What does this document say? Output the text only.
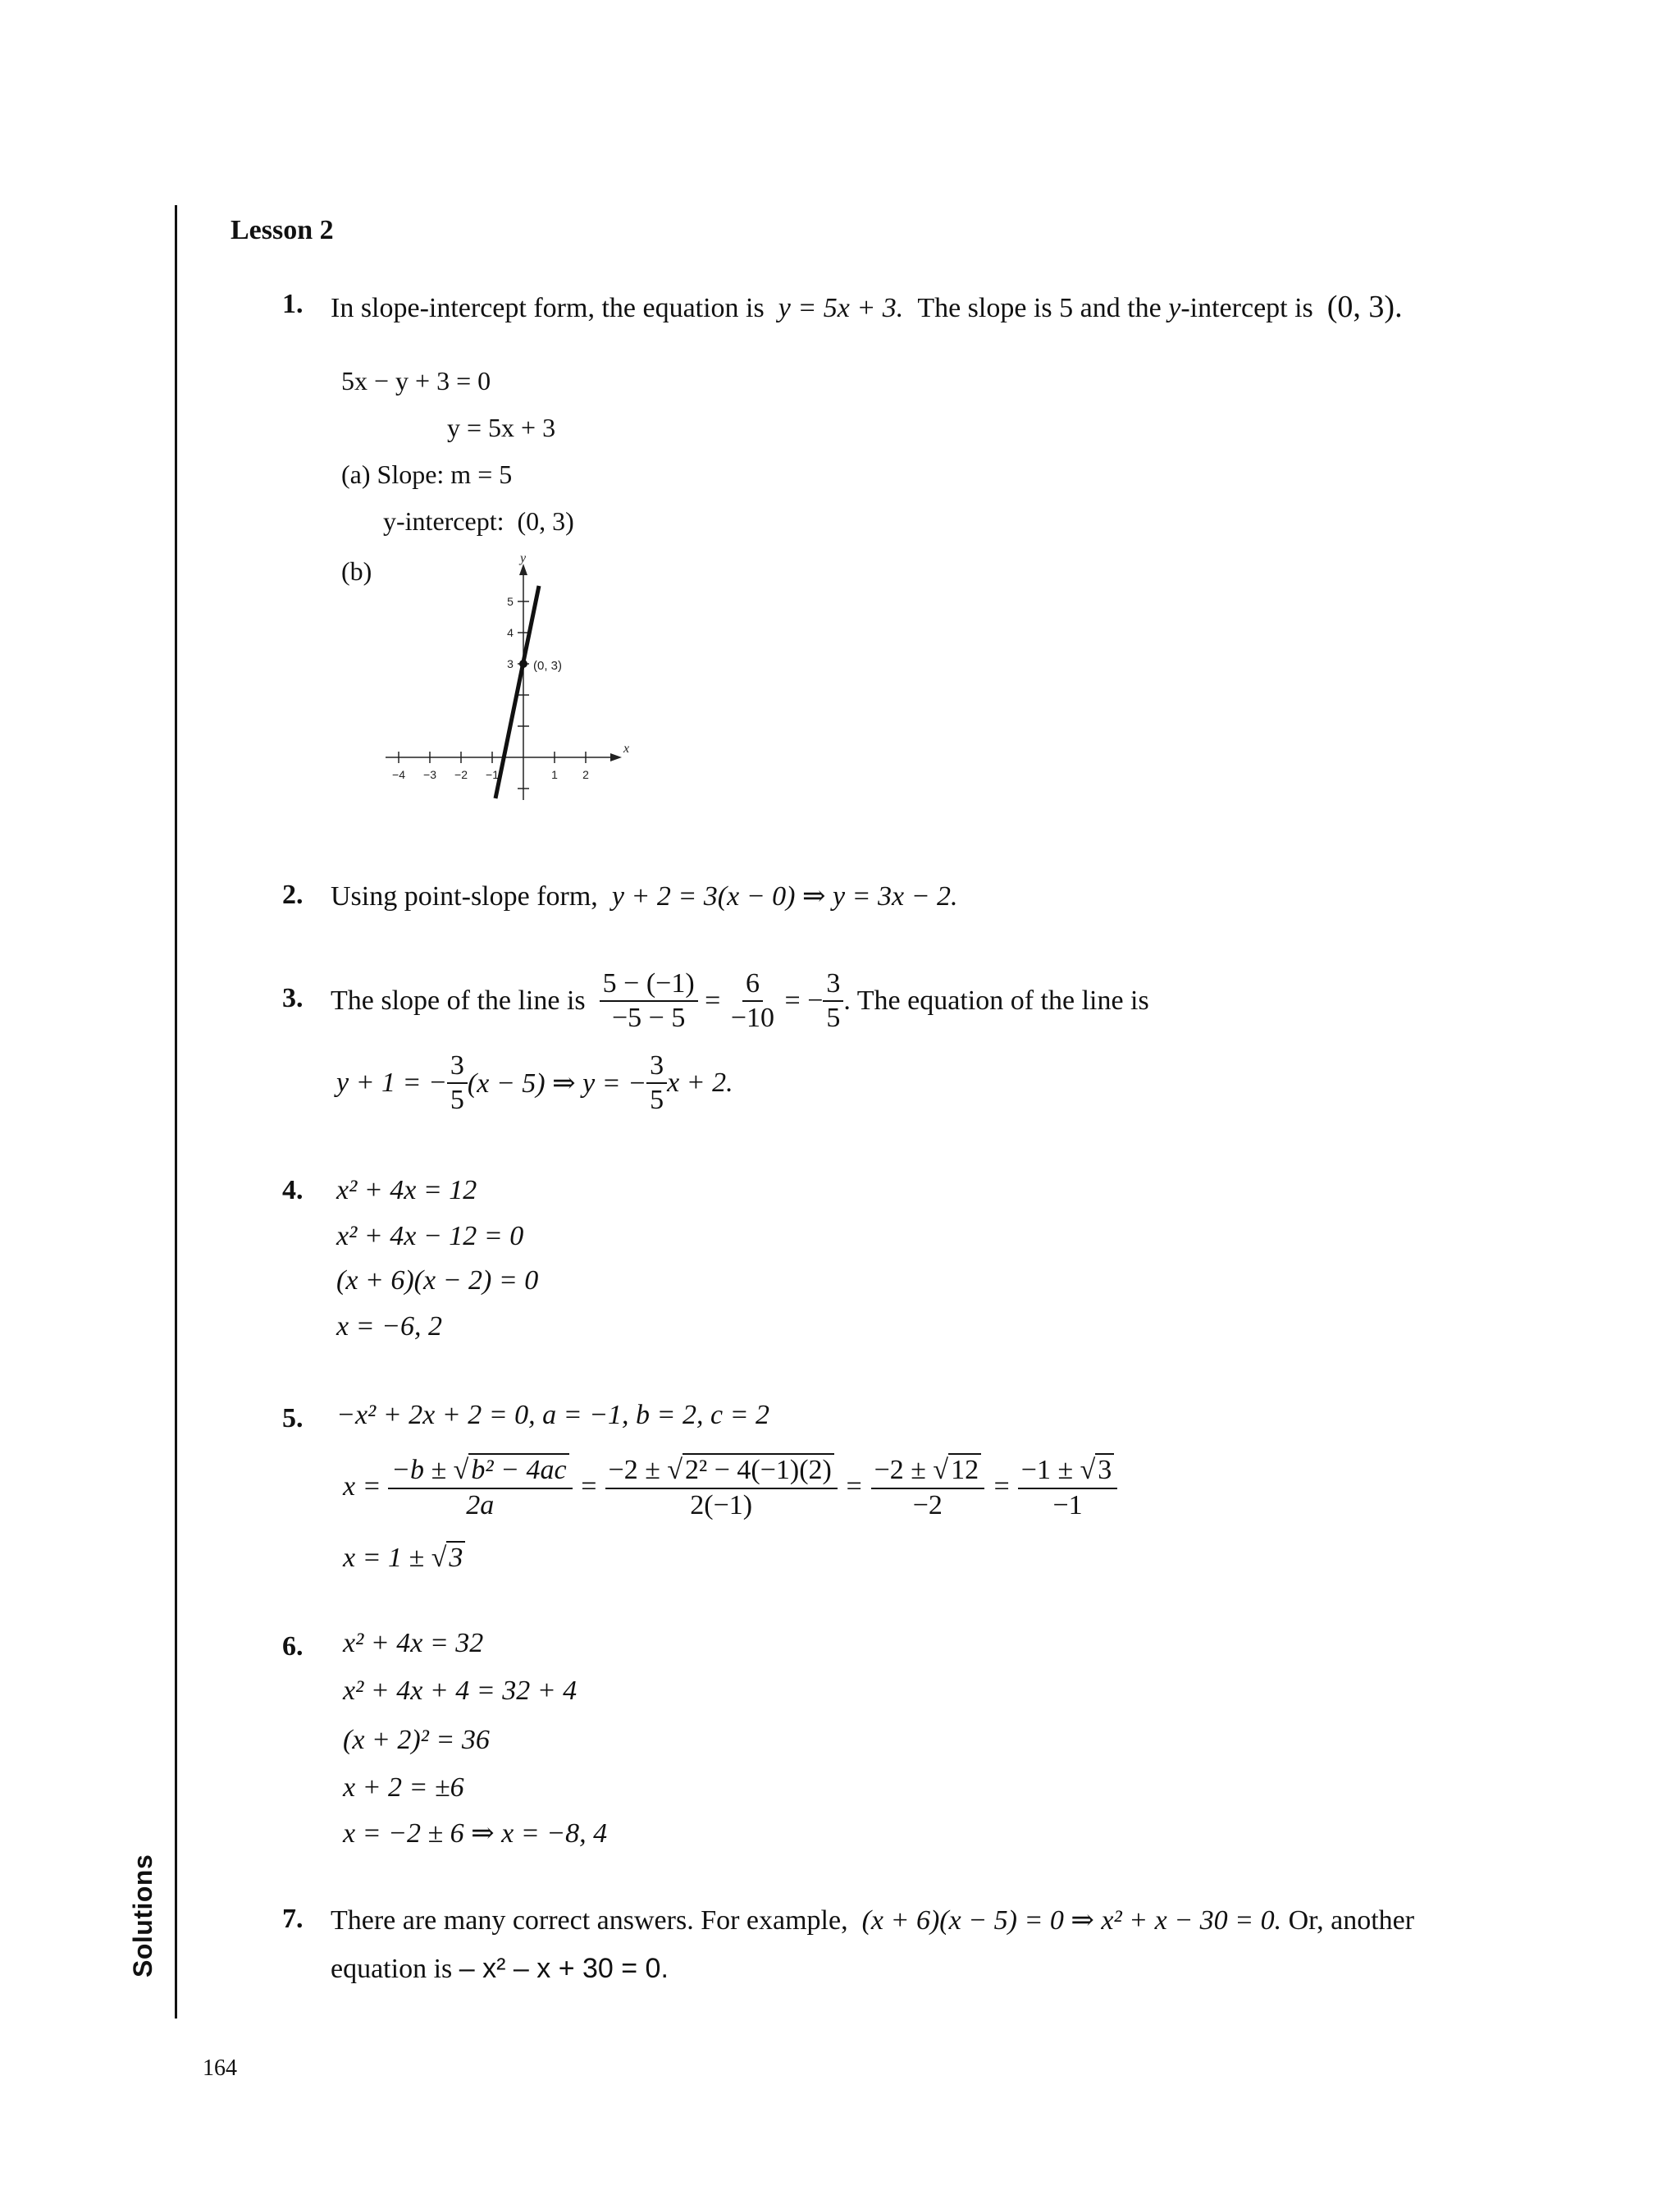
Solutions
Lesson 2
1. In slope-intercept form, the equation is y = 5x + 3. The slope is 5 and the y-intercept is (0, 3).
5x − y + 3 = 0
y = 5x + 3
(a) Slope: m = 5
y-intercept: (0, 3)
(b)
−4 −3 −2 −1	1 2
5
4
3
x
y
(0, 3)
2. Using point-slope form, y + 2 = 3(x − 0) ⇒ y = 3x − 2.
3. The slope of the line is
$\frac{5 - (-1)}{-5 - 5}$
=
$\frac{6}{-10}$
= − $\frac{3}{5}$ . The equation of the line is
y + 1 = − $\frac{3}{5} (x - 5)$ ⇒ y = − $\frac{3}{5}$ x + 2.
4. x² + 4x = 12
x² + 4x − 12 = 0
(x + 6)(x − 2) = 0
x = −6, 2
5. −x² + 2x + 2 = 0, a = −1, b = 2, c = 2
x =
$\frac{\text{−b ± √b² − 4ac}}{2a}$
=
$\frac{\text{−2 ± √2² − 4(−1)(2)}}{2(-1)}$
=
$\frac{-2 \pm √12}{-2}$
=
$\frac{-1 \pm √3}{-1}$
x = 1 ± √3
6. x² + 4x = 32
x² + 4x + 4 = 32 + 4
(x + 2)² = 36
x + 2 = ±6
x = −2 ± 6 ⇒ x = −8, 4
7. There are many correct answers. For example, (x + 6)(x − 5) = 0 ⇒ x² + x − 30 = 0. Or, another
equation is – x² – x + 30 = 0.
164
